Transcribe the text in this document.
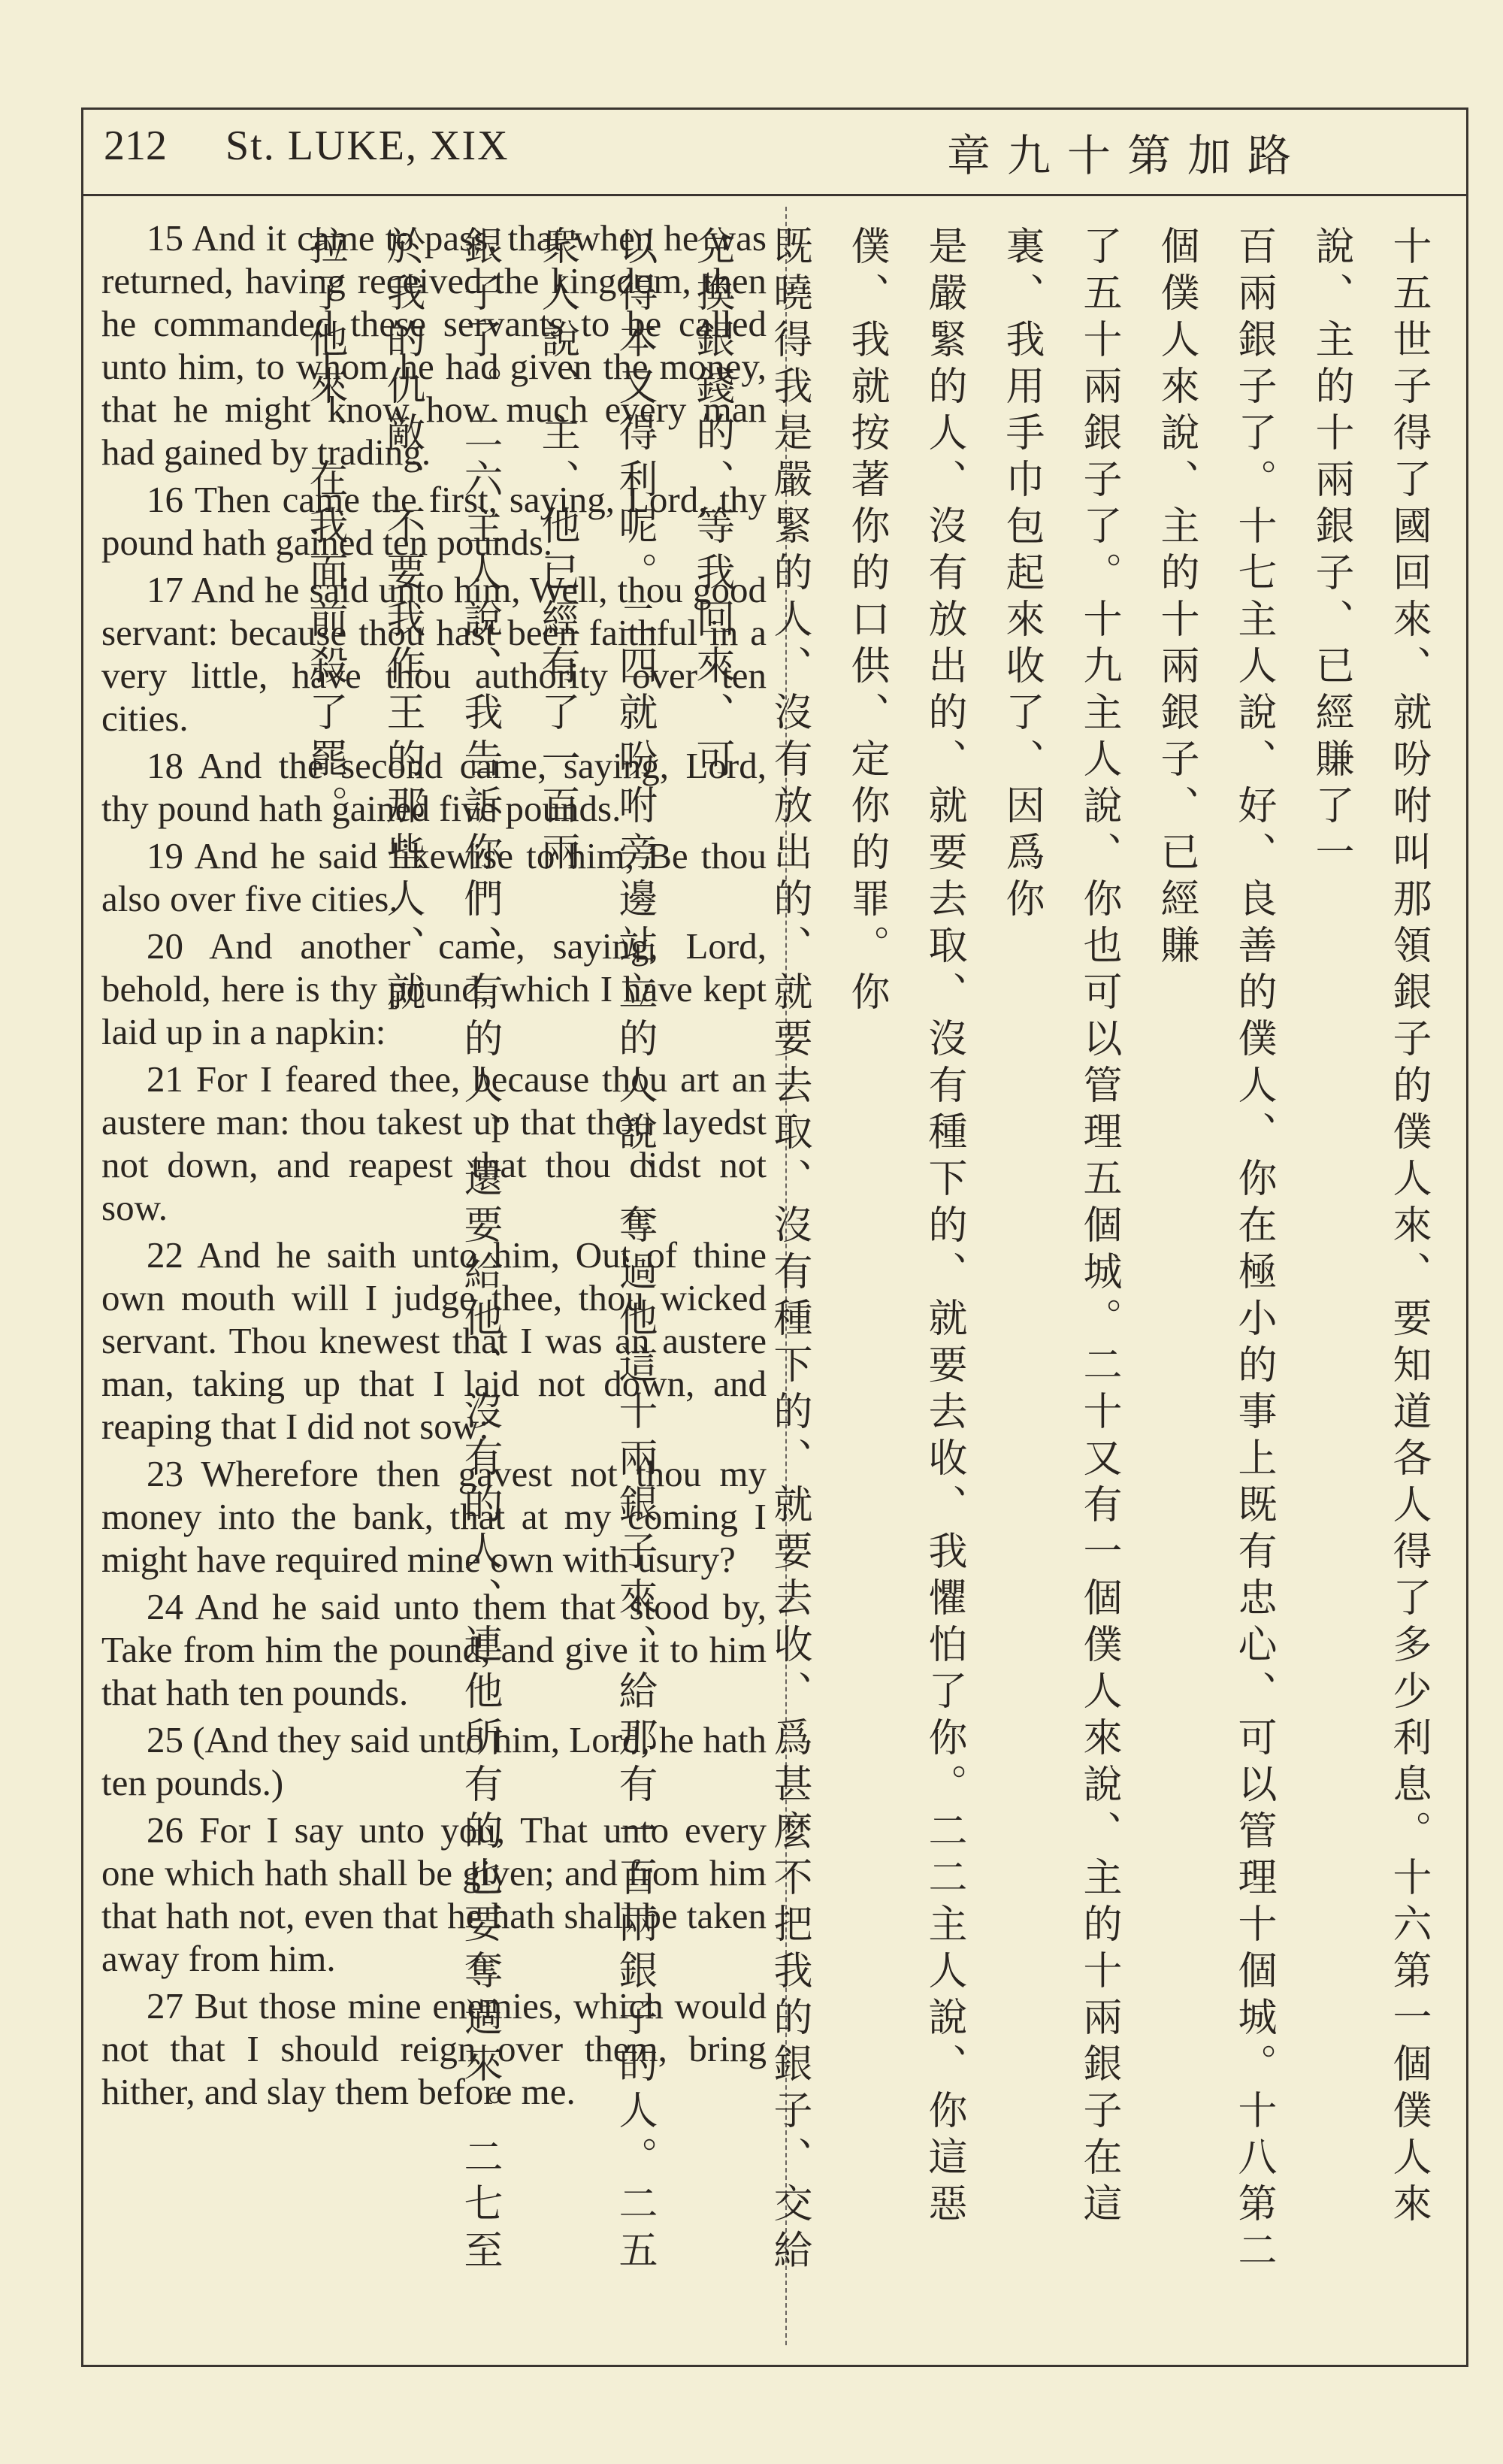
212 St. LUKE, XIX	章九十第加路

15 And it came to pass, that when he was returned, having received the kingdom, then he commanded these servants to be called unto him, to whom he had given the money, that he might know how much every man had gained by trading.

16 Then came the first, saying, Lord, thy pound hath gained ten pounds.

17 And he said unto him, Well, thou good servant: because thou hast been faithful in a very little, have thou authority over ten cities.

18 And the second came, saying, Lord, thy pound hath gained five pounds.

19 And he said likewise to him, Be thou also over five cities.

20 And another came, saying, Lord, behold, here is thy pound, which I have kept laid up in a napkin:

21 For I feared thee, because thou art an austere man: thou takest up that thou layedst not down, and reapest that thou didst not sow.

22 And he saith unto him, Out of thine own mouth will I judge thee, thou wicked servant. Thou knewest that I was an austere man, taking up that I laid not down, and reaping that I did not sow:

23 Wherefore then gavest not thou my money into the bank, that at my coming I might have required mine own with usury?

24 And he said unto them that stood by, Take from him the pound, and give it to him that hath ten pounds.

25 (And they said unto him, Lord, he hath ten pounds.)

26 For I say unto you, That unto every one which hath shall be given; and from him that hath not, even that he hath shall be taken away from him.

27 But those mine enemies, which would not that I should reign over them, bring hither, and slay them before me.	十五世子得了國回來、就吩咐叫那領銀子的僕人來、要知道各人得了多少利息。十六第一個僕人來說、主的十兩銀子、已經賺了一

百兩銀子了。十七主人說、好、良善的僕人、你在極小的事上既有忠心、可以管理十個城。十八第二個僕人來說、主的十兩銀子、已經賺

了五十兩銀子了。十九主人說、你也可以管理五個城。二十又有一個僕人來說、主的十兩銀子在這裏、我用手巾包起來收了、因爲你

是嚴緊的人、沒有放出的、就要去取、沒有種下的、就要去收、我懼怕了你。二二主人說、你這惡僕、我就按著你的口供、定你的罪。你

既曉得我是嚴緊的人、沒有放出的、就要去取、沒有種下的、就要去收、爲甚麼不把我的銀子、交給兌換銀錢的、等我回來、可

以得本又得利呢。二四就吩咐旁邊站立的人說、奪過他這十兩銀子來、給那有一百兩銀子的人。二五衆人說、主、他已經有了一百兩

銀子了。二六主人說、我告訴你們、有的人、還要給他、沒有的人、連他所有的也要奪過來。二七至於我的仇敵、不要我作王的那些人、就

拉了他來、在我面前殺了罷。
